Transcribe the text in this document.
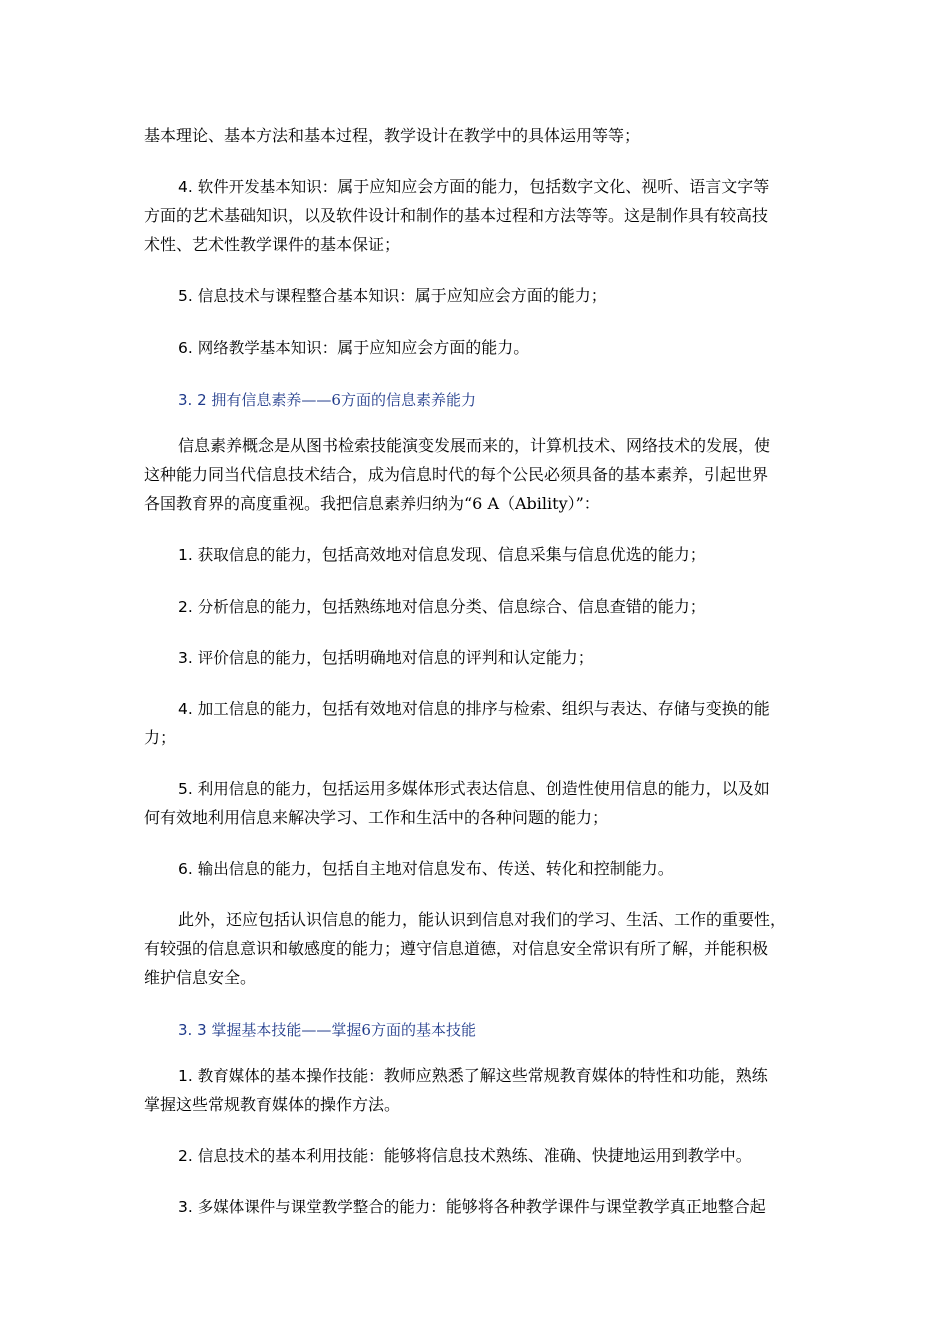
基本理论、基本方法和基本过程，教学设计在教学中的具体运用等等；
4. 软件开发基本知识：属于应知应会方面的能力，包括数字文化、视听、语言文字等
方面的艺术基础知识，以及软件设计和制作的基本过程和方法等等。这是制作具有较高技
术性、艺术性教学课件的基本保证；
5. 信息技术与课程整合基本知识：属于应知应会方面的能力；
6. 网络教学基本知识：属于应知应会方面的能力。
3. 2 拥有信息素养——6方面的信息素养能力
信息素养概念是从图书检索技能演变发展而来的，计算机技术、网络技术的发展，使
这种能力同当代信息技术结合，成为信息时代的每个公民必须具备的基本素养，引起世界
各国教育界的高度重视。我把信息素养归纳为“6 A（Ability）”：
1. 获取信息的能力，包括高效地对信息发现、信息采集与信息优选的能力；
2. 分析信息的能力，包括熟练地对信息分类、信息综合、信息查错的能力；
3. 评价信息的能力，包括明确地对信息的评判和认定能力；
4. 加工信息的能力，包括有效地对信息的排序与检索、组织与表达、存储与变换的能
力；
5. 利用信息的能力，包括运用多媒体形式表达信息、创造性使用信息的能力，以及如
何有效地利用信息来解决学习、工作和生活中的各种问题的能力；
6. 输出信息的能力，包括自主地对信息发布、传送、转化和控制能力。
此外，还应包括认识信息的能力，能认识到信息对我们的学习、生活、工作的重要性，
有较强的信息意识和敏感度的能力；遵守信息道德，对信息安全常识有所了解，并能积极
维护信息安全。
3. 3 掌握基本技能——掌握6方面的基本技能
1. 教育媒体的基本操作技能：教师应熟悉了解这些常规教育媒体的特性和功能，熟练
掌握这些常规教育媒体的操作方法。
2. 信息技术的基本利用技能：能够将信息技术熟练、准确、快捷地运用到教学中。
3. 多媒体课件与课堂教学整合的能力：能够将各种教学课件与课堂教学真正地整合起
